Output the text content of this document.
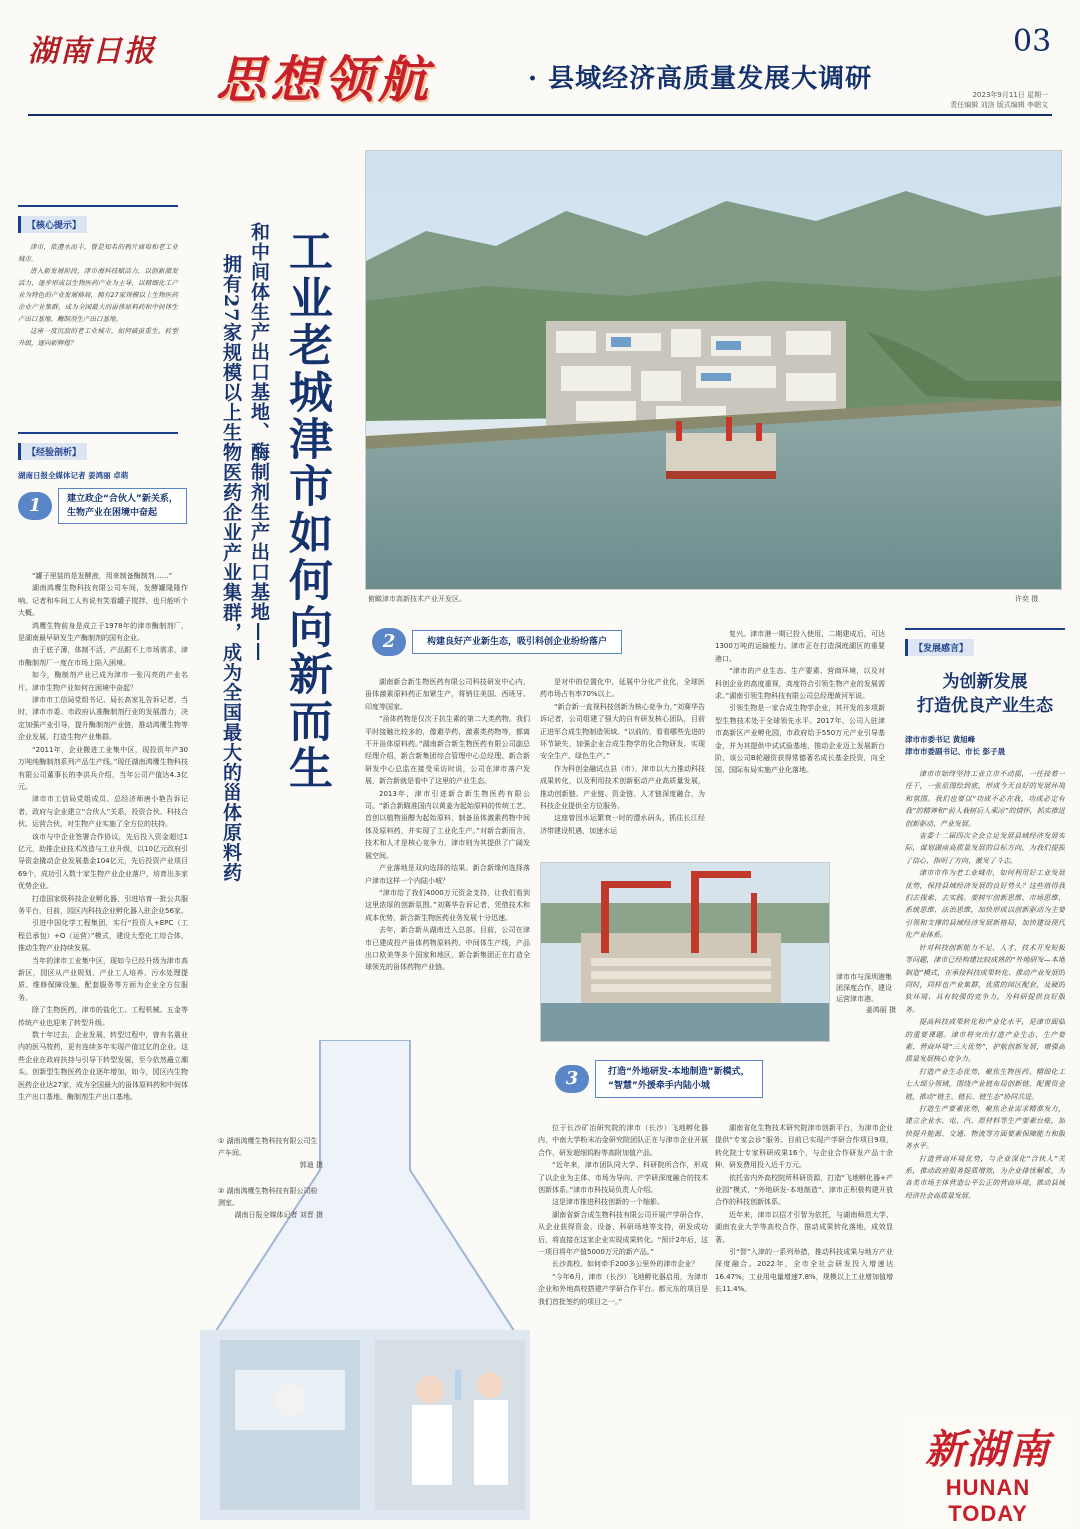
湖南日报 思想领航	· 县域经济高质量发展大调研
03
2023年9月11日 星期一
责任编辑 刘洛 版式编辑 李朝文
【核心提示】

津市，依澧水而丰，曾是知名的鸦片商埠和老工业城市。

进入新发展阶段，津市海科技赋活力，以创新激发活力，逐步形成以生物医药产业为主导，以精细化工产业为特色的产业发展格局，拥有27家规模以上生物医药企业产业集群，成为全国最大的甾体原料药和中间体生产出口基地、酶制剂生产出口基地。

这座一度沉寂的老工业城市，如何破茧重生，转型升级，逐向新辉煌？

【经验剖析】
湖南日报全媒体记者 姜鸿丽 卓萌
1	建立政企“合伙人”新关系，
生物产业在困境中奋起

“罐子里装的是发酵液，用来制备酶制剂……”

湖南鸿鹰生物科技有限公司车间，发酵罐隆隆作响。记者和车间工人有说有笑看罐子搅拌，也只能听个大概。

鸿鹰生物前身是成立于1978年的津市酶制剂厂，是湖南最早研发生产酶制剂的国有企业。

由于底子薄，体制不活，产品跟不上市场需求，津市酶制剂厂一度在市场上陷入困境。

如今，酶制剂产业已成为津市一张闪亮的产业名片。津市生物产业如何在困境中奋起？

津市市工信局党组书记、局长高家礼告诉记者，当时，津市市委、市政府认准酶制剂行业的发展潜力，决定加强产业引导，提升酶制剂产业链，推动鸿鹰生物等企业发展，打造生物产业集群。

“2011年，企业搬进工业集中区，现投资年产30万吨纯酶制剂系列产品生产线。”现任湖南鸿鹰生物科技有限公司董事长的李洪兵介绍，当年公司产值达4.3亿元。

津市市工信局党组成员、总经济师唐小艳告诉记者，政府与企业建立“合伙人”关系，投资合伙、科技合伙、运营合伙，对生物产业实施了全方位的扶持。

该市与中企业签署合作协议，先后投入资金超过1亿元，助推企业技术改造与工业升级，以10亿元政府引导资金撬动企业发展基金104亿元，先后投资产业项目69个，成功引入数十家生物产业企业落户，培育出多家优势企业。

打造国家级科技企业孵化器，引进培育一批公共服务平台，目前，园区内科技企业孵化器入驻企业56家。

引进中国化学工程集团，实行“投资人+EPC（工程总承包）+O（运营）”模式，建设大型化工综合体，推动生物产业持续发展。

当年的津市工业集中区，现如今已经升级为津市高新区，园区从产业规划、产业工人培养、污水处理提质、维修保障设施、配套服务等方面为企业全方位服务。

除了生物医药，津市的盐化工、工程机械、五金等传统产业也迎来了转型升级。

数十年过去，企业发展，转型过程中，曾有名震业内的医马牧药，更有连续多年实现产值过亿的企业。这些企业在政府扶持与引导下转型发展，至今依然矗立潮头。创新型生物医药企业逐年增加，如今，园区内生物医药企业达27家，成为全国最大的甾体原料药和中间体生产出口基地、酶制剂生产出口基地。

工业老城津市如何向新而生
和中间体生产出口基地、酶制剂生产出口基地——
拥有27家规模以上生物医药企业产业集群，成为全国最大的甾体原料药	俯瞰津市高新技术产业开发区。	许奕 摄
2	构建良好产业新生态，吸引科创企业纷纷落户

湖南新合新生物医药有限公司科技研发中心内，甾体激素原料药正加紧生产，将销往美国、西班牙、印度等国家。

“甾体药物是仅次于抗生素的第二大类药物。我们平时接触比较多的，像避孕药、激素类药物等，都离不开甾体原料药。”湖南新合新生物医药有限公司副总经理介绍，新合新集团综合管理中心总经理、新合新研发中心总监在接受采访时说，公司在津市落户发展，新合新就是看中了这里的产业生态。

2013年，津市引进新合新生物医药有限公司。“新合新瞄准国内以黄姜为起始原料的传统工艺，首创以植物甾醇为起始原料，制备甾体激素药物中间体及原料药，并实现了工业化生产。”对新合新而言，技术和人才是核心竞争力，津市则为其提供了广阔发展空间。

产业落地是双向选择的结果。新合新缘何选择落户津市这样一个内陆小城？

“津市给了我们4000万元资金支持，让我们看到这里浓厚的创新氛围。”刘赛华告诉记者，凭借技术和成本优势，新合新生物医药业务发展十分迅速。

去年，新合新从湖南迁入总部。目前，公司在津市已建成投产甾体药物原料药、中间体生产线，产品出口欧美等多个国家和地区，新合新集团正在打造全球领先的甾体药物产业链。

是对中的位置化中，延展中分化产业化，全球医药市场占有率70%以上。

“新合新一直视科技创新为核心竞争力，”刘赛华告诉记者，公司组建了强大的自有研发核心团队，目前正进军合成生物制造领域。“以前的，看看哪些先进的环节缺失，加强企业合成生物学的化合物研发，实现安全生产、绿色生产。”

作为科创金融试点县（市），津市以大力推动科技成果转化，以及利用技术创新驱动产业高质量发展，推动创新链、产业链、资金链、人才链深度融合，为科技企业提供全方位服务。

这座曾因水运繁衰一时的澧水码头，抓住长江经济带建设机遇，加速水运

复兴。津市港一期已投入使用，二期建成后，可达1300万吨的运输能力。津市正在打造洞庭湖区的重要港口。

“津市的产业生态、生产要素、营商环境，以及对科创企业的高度重视，高度符合引领生物产业的发展需求。”湖南引领生物科技有限公司总经理黄河军说。

引领生物是一家合成生物学企业，其开发的多项新型生物技术处于全球领先水平。2017年，公司入驻津市高新区产业孵化园，市政府给予550万元产业引导基金，并为其提供中试试验基地，推动企业迈上发展新台阶，该公司B轮融资获得常德著名成长基金投资，向全国、国际布局实施产业化落地。

津市市与深圳港集团深度合作，建设运营津市港。
姜鸿丽 摄
3	打造“外地研发-本地制造”新模式，
“智慧”外援牵手内陆小城

位于长沙矿冶研究院的津市（长沙）飞地孵化器内，中南大学粉末冶金研究院团队正在与津市企业开展合作，研发超细钨粉等高附加值产品。

“近年来，津市团队同大学、科研院所合作，形成了以企业为主体、市场为导向、产学研深度融合的技术创新体系。”津市市科技局负责人介绍。

这是津市推进科技创新的一个缩影。

湖南省新合成生物科技有限公司开展产学研合作，从企业获得资金、设备、科研场地等支持，研发成功后，将直接在这家企业实现成果转化。“预计2年后，这一项目将年产值5000万元的新产品。”

长沙高校、如何牵手200多公里外的津市企业？

“今年6月，津市（长沙）飞地孵化器启用，为津市企业和外地高校搭建产学研合作平台。都元东的项目是我们首批签约的项目之一。”

湖南省化生物技术研究院津市创新平台，为津市企业提供“专家会诊”服务。目前已实现产学研合作项目9项，转化院士专家科研成果16个，与企业合作研发产品十余种，研发费用投入近千万元。

依托省内外高校院所科研资源，打造“飞地孵化器+产业园”模式，“外地研发-本地制造”，津市正积极构建开放合作的科技创新体系。

近年来，津市以招才引智为依托，与湖南师范大学、湖南农业大学等高校合作，推动成果转化落地，成效显著。

引“智”入津的一系列举措，推动科技成果与地方产业深度融合。2022年，全市全社会研发投入增速达16.47%，工业用电量增速7.8%，规模以上工业增加值增长11.4%。

① 湖南鸿鹰生物科技有限公司生产车间。
郭迪 摄
② 湖南鸿鹰生物科技有限公司检测室。
湖南日报全媒体记者 刘晋 摄
【发展感言】
为创新发展
打造优良产业生态
津市市委书记 黄旭峰
津市市委副书记、市长 彭子晟

津市市始终坚持工业立市不动摇，一任接着一任干，一张蓝图绘到底，形成今天良好的发展环境和氛围。我们也要以“功成不必在我，功成必定有我”的精神和“前人栽树后人乘凉”的情怀，抓实推进创新驱动、产业发展。

省委十二届四次全会立足发展县域经济发展实际，谋划湖南高质量发展的目标方向，为我们提振了信心、指明了方向、激发了斗志。

津市市作为老工业城市，如何利用好工业发展优势，保持县域经济发展的良好势头？这些值得我们去探索、去实践。要树牢创新思维、市场思维、系统思维、法治思维，加快形成以创新驱动为主要引领和支撑的县域经济发展新格局，加快建设现代化产业体系。

针对科技创新能力不足、人才、技术开发短板等问题，津市已经构建比较成熟的“外地研发—本地制造”模式，在承接科技成果转化、推动产业发展的同时，同样也产业集群，优质的园区配套，及硬的软环境、具有较强的竞争力，为科研提供良好服务。

提高科技成果转化和产业化水平，是津市面临的重要课题。津市将突出打造产业生态、生产要素、营商环境“三大优势”，护航创新发展，增强高质量发展核心竞争力。

打造产业生态优势，聚焦生物医药、精细化工七大细分领域，围绕产业链布局创新链、配置资金链，推动“链主、链长、链生态”协同共进。

打造生产要素优势，聚焦企业需求精准发力，建立企业水、电、汽、原材料等生产要素台账，加快提升能源、交通、物流等方面要素保障能力和服务水平。

打造营商环境优势，与企业深化“合伙人”关系，推动政府服务提质增效，为企业排忧解难，为各类市场主体营造公平公正的营商环境，推动县域经济社会高质量发展。

新湖南
HUNAN TODAY
